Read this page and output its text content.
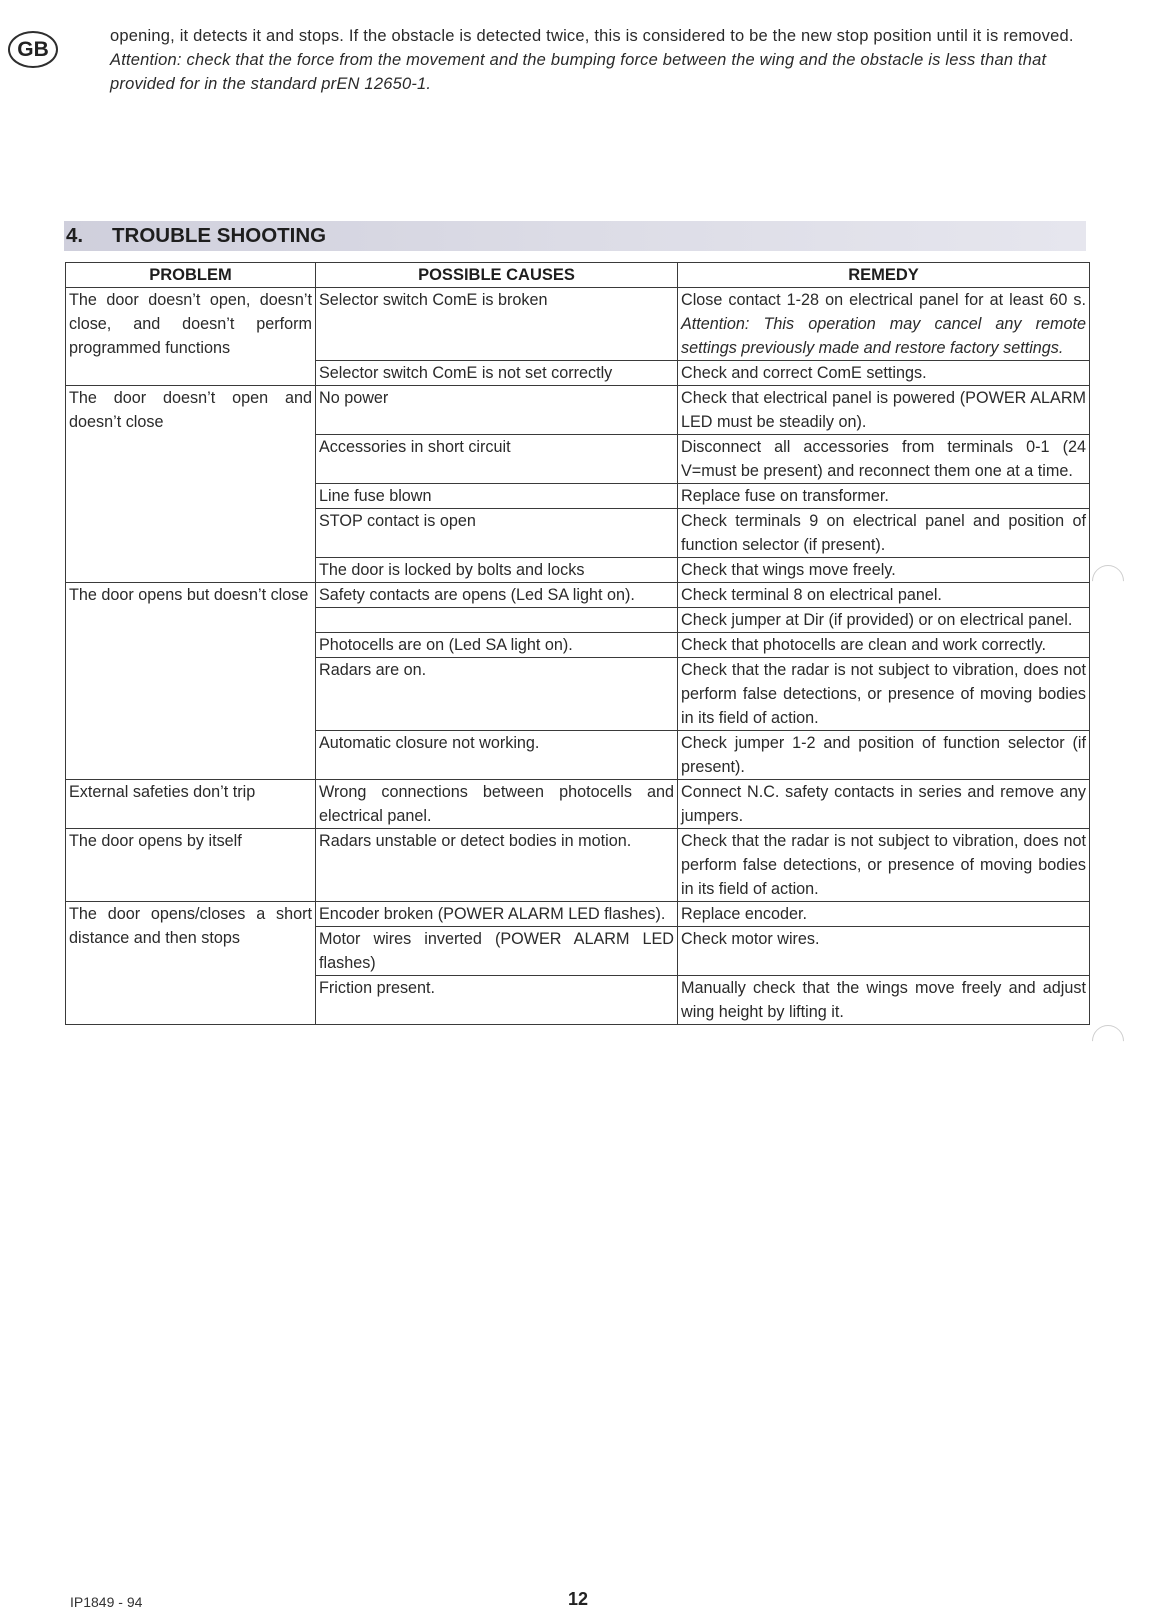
GB

opening, it detects it and stops. If the obstacle is detected twice, this is considered to be the new stop position until it is removed.

Attention: check that the force from the movement and the bumping force between the wing and the obstacle is less than that provided for in the standard prEN 12650-1.

4.	TROUBLE SHOOTING
PROBLEM	POSSIBLE CAUSES	REMEDY
The door doesn’t open, doesn’t close, and doesn’t perform programmed functions	Selector switch ComE is broken	Close contact 1-28 on electrical panel for at least 60 s. Attention: This operation may cancel any remote settings previously made and restore factory settings.
	Selector switch ComE is not set correctly	Check and correct ComE settings.
The door doesn’t open and doesn’t close	No power	Check that electrical panel is powered (POWER ALARM LED must be steadily on).
	Accessories in short circuit	Disconnect all accessories from terminals 0-1 (24 V=must be present) and reconnect them one at a time.
	Line fuse blown	Replace fuse on transformer.
	STOP contact is open	Check terminals 9 on electrical panel and position of function selector (if present).
	The door is locked by bolts and locks	Check that wings move freely.
The door opens but doesn’t close	Safety contacts are opens (Led SA light on).	Check terminal 8 on electrical panel.
		Check jumper at Dir (if provided) or on electrical panel.
	Photocells are on (Led SA light on).	Check that photocells are clean and work correctly.
	Radars are on.	Check that the radar is not subject to vibration, does not perform false detections, or presence of moving bodies in its field of action.
	Automatic closure not working.	Check jumper 1-2 and position of function selector (if present).
External safeties don’t trip	Wrong connections between photocells and electrical panel.	Connect N.C. safety contacts in series and remove any jumpers.
The door opens by itself	Radars unstable or detect bodies in motion.	Check that the radar is not subject to vibration, does not perform false detections, or presence of moving bodies in its field of action.
The door opens/closes a short distance and then stops	Encoder broken (POWER ALARM LED flashes).	Replace encoder.
	Motor wires inverted (POWER ALARM LED flashes)	Check motor wires.
	Friction present.	Manually check that the wings move freely and adjust wing height by lifting it.
IP1849 - 94	12
